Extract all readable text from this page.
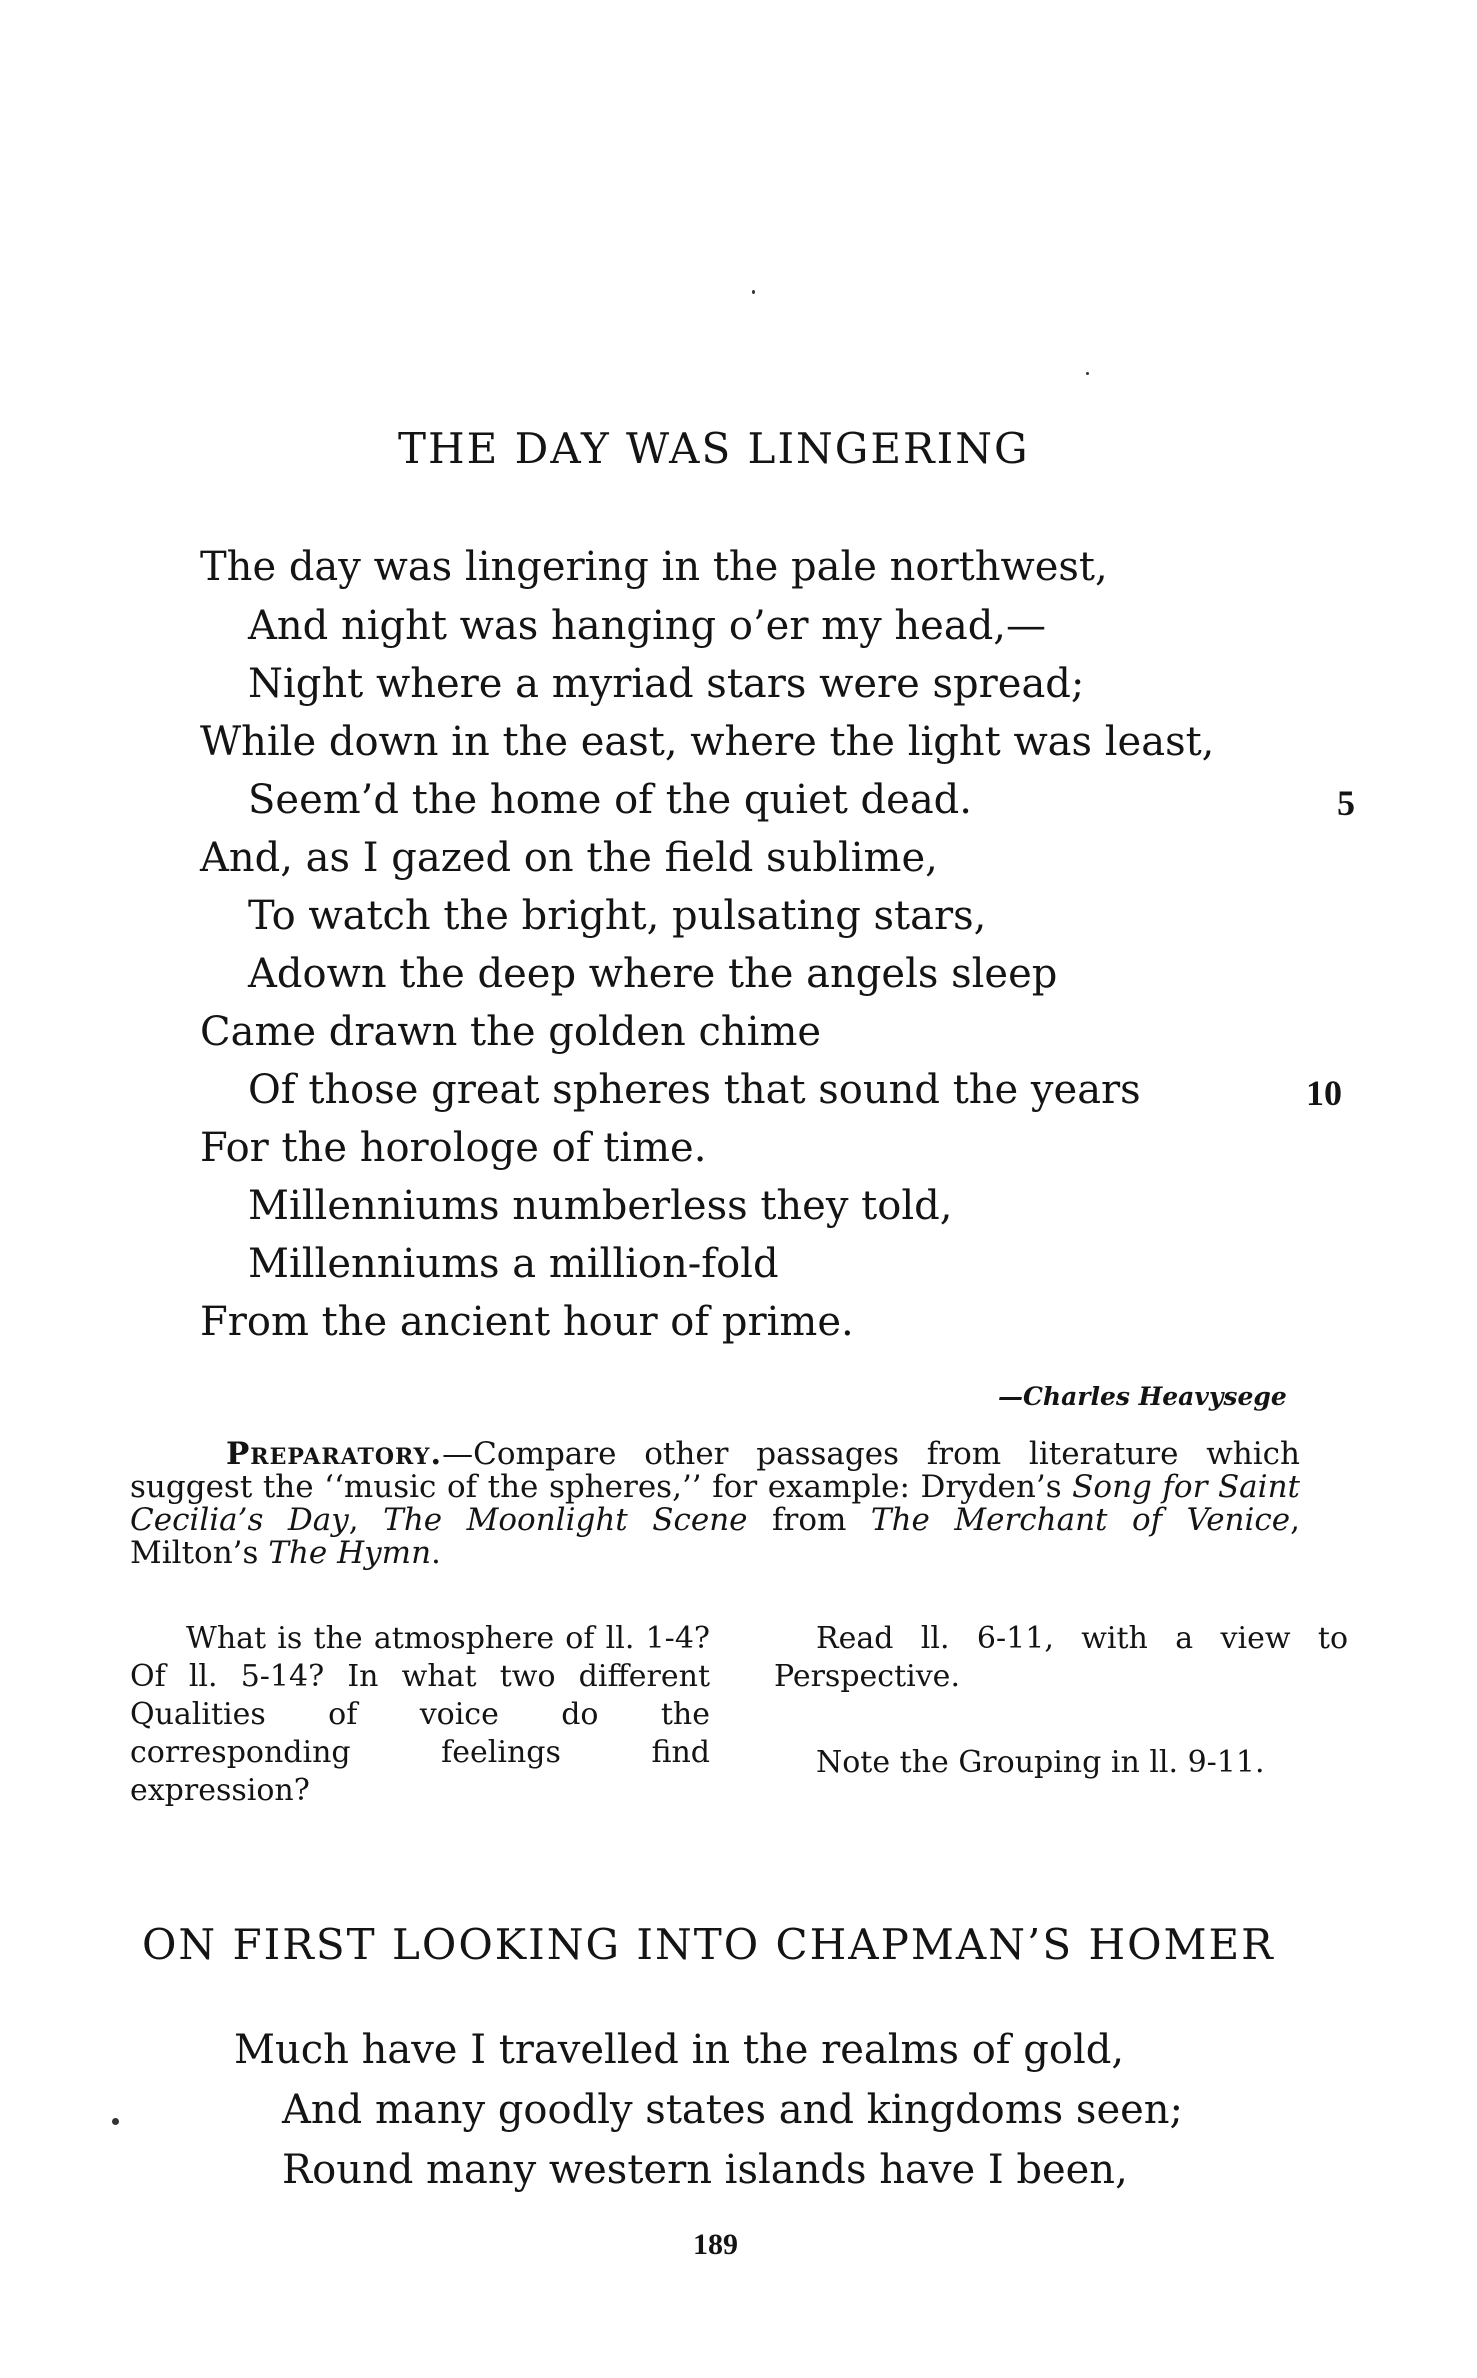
THE DAY WAS LINGERING
The day was lingering in the pale northwest,
And night was hanging o’er my head,—
Night where a myriad stars were spread;
While down in the east, where the light was least,
Seem’d the home of the quiet dead.	5
And, as I gazed on the field sublime,
To watch the bright, pulsating stars,
Adown the deep where the angels sleep
Came drawn the golden chime
Of those great spheres that sound the years	10
For the horologe of time.
Millenniums numberless they told,
Millenniums a million-fold
From the ancient hour of prime.
—Charles Heavysege
Preparatory.—Compare other passages from literature which suggest the ‘‘music of the spheres,’’ for example: Dryden’s Song for Saint Cecilia’s Day, The Moonlight Scene from The Merchant of Venice, Milton’s The Hymn.
What is the atmosphere of ll. 1-4? Of ll. 5-14? In what two different Qualities of voice do the corresponding feelings find expression?
Read ll. 6-11, with a view to Perspective.
Note the Grouping in ll. 9-11.
ON FIRST LOOKING INTO CHAPMAN’S HOMER
Much have I travelled in the realms of gold,
And many goodly states and kingdoms seen;
Round many western islands have I been,
189
